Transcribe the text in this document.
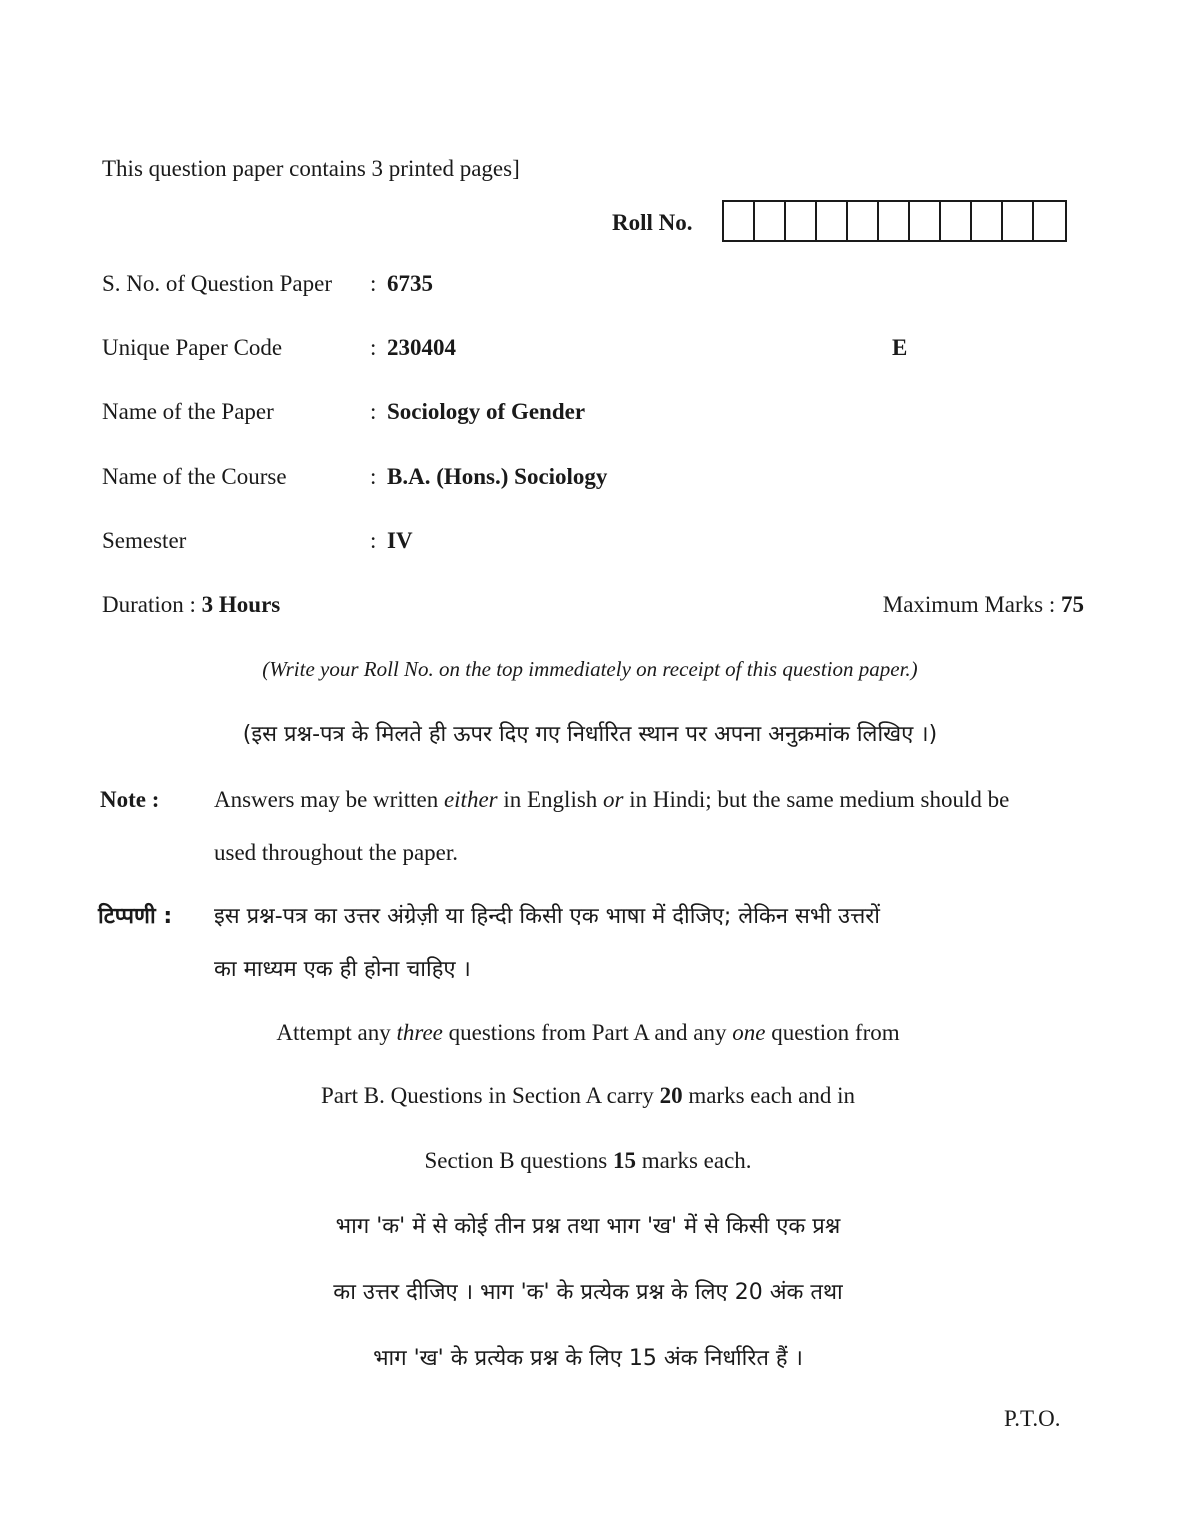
This question paper contains 3 printed pages]
Roll No.
S. No. of Question Paper : 6735
Unique Paper Code	: 230404	E
Name of the Paper	: Sociology of Gender
Name of the Course	: B.A. (Hons.) Sociology
Semester	: IV
Duration : 3 Hours	Maximum Marks : 75
(Write your Roll No. on the top immediately on receipt of this question paper.)
(इस प्रश्न-पत्र के मिलते ही ऊपर दिए गए निर्धारित स्थान पर अपना अनुक्रमांक लिखिए ।)
Note : Answers may be written either in English or in Hindi; but the same medium should be
used throughout the paper.
टिप्पणी : इस प्रश्न-पत्र का उत्तर अंग्रेज़ी या हिन्दी किसी एक भाषा में दीजिए; लेकिन सभी उत्तरों
का माध्यम एक ही होना चाहिए ।
Attempt any three questions from Part A and any one question from
Part B. Questions in Section A carry 20 marks each and in
Section B questions 15 marks each.
भाग 'क' में से कोई तीन प्रश्न तथा भाग 'ख' में से किसी एक प्रश्न
का उत्तर दीजिए । भाग 'क' के प्रत्येक प्रश्न के लिए 20 अंक तथा
भाग 'ख' के प्रत्येक प्रश्न के लिए 15 अंक निर्धारित हैं ।
P.T.O.
